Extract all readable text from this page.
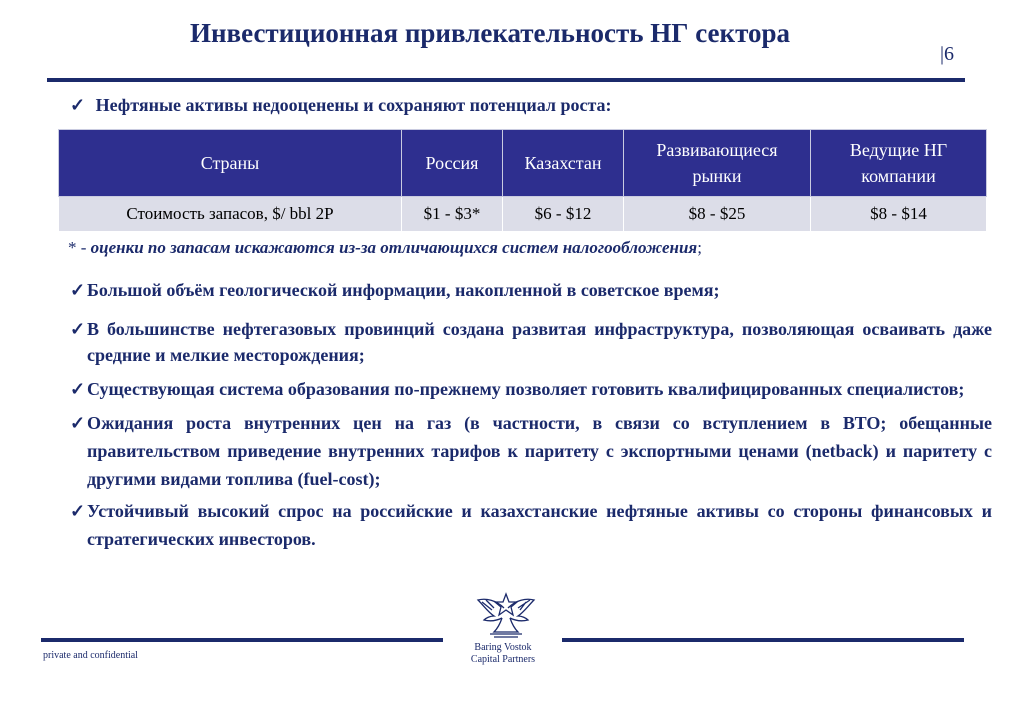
Инвестиционная привлекательность НГ сектора
|6
✓ Нефтяные активы недооценены и сохраняют потенциал роста:
Страны	Россия	Казахстан	Развивающиеся рынки	Ведущие НГ компании
Стоимость запасов, $/ bbl 2P	$1 - $3*	$6 - $12	$8 - $25	$8 - $14
* - оценки по запасам искажаются из-за отличающихся систем налогообложения;
✓ Большой объём геологической информации, накопленной в советское время;
✓ В большинстве нефтегазовых провинций создана развитая инфраструктура, позволяющая осваивать даже средние и мелкие месторождения;
✓ Существующая система образования по-прежнему позволяет готовить квалифицированных специалистов;
✓ Ожидания роста внутренних цен на газ (в частности, в связи со вступлением в ВТО; обещанные правительством приведение внутренних тарифов к паритету с экспортными ценами (netback) и паритету с другими видами топлива (fuel-cost);
✓ Устойчивый высокий спрос на российские и казахстанские нефтяные активы со стороны финансовых и стратегических инвесторов.
Baring Vostok
Capital Partners
private and confidential
